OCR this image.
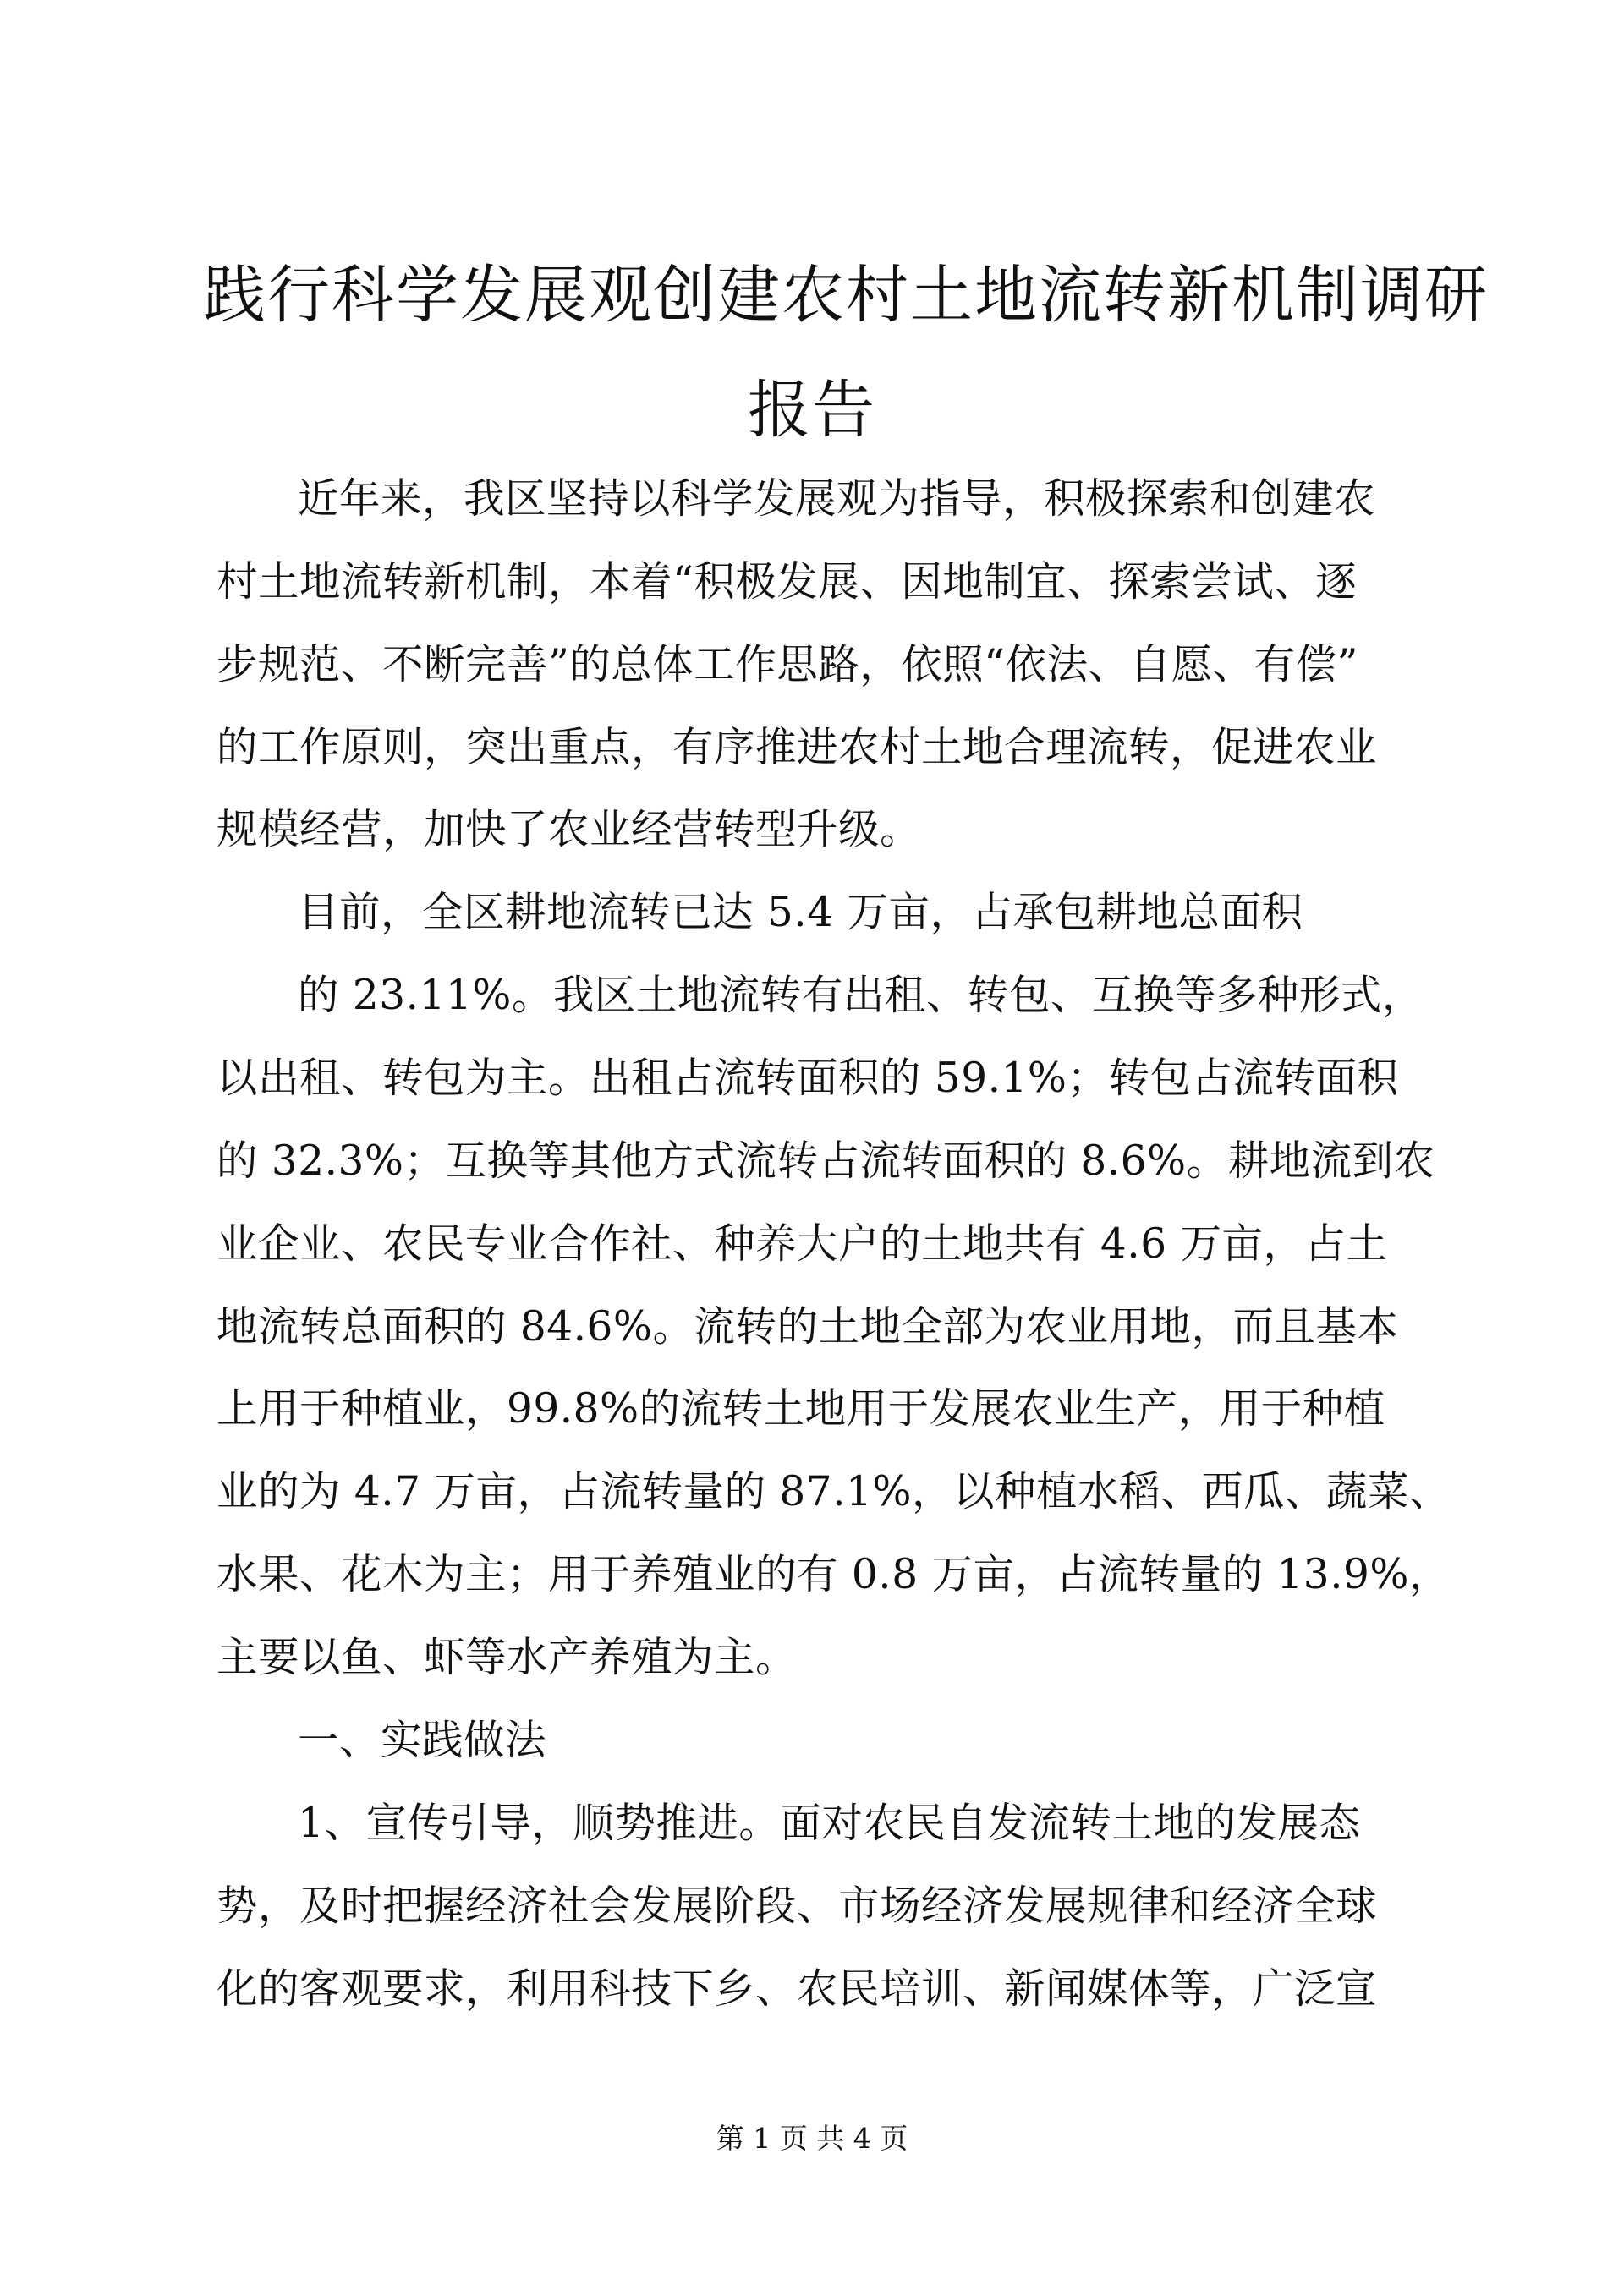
践行科学发展观创建农村土地流转新机制调研
报告
近年来，我区坚持以科学发展观为指导，积极探索和创建农
村土地流转新机制，本着“积极发展、因地制宜、探索尝试、逐
步规范、不断完善”的总体工作思路，依照“依法、自愿、有偿”
的工作原则，突出重点，有序推进农村土地合理流转，促进农业
规模经营，加快了农业经营转型升级。
目前，全区耕地流转已达 5.4 万亩，占承包耕地总面积
的 23.11%。我区土地流转有出租、转包、互换等多种形式，
以出租、转包为主。出租占流转面积的 59.1%；转包占流转面积
的 32.3%；互换等其他方式流转占流转面积的 8.6%。耕地流到农
业企业、农民专业合作社、种养大户的土地共有 4.6 万亩，占土
地流转总面积的 84.6%。流转的土地全部为农业用地，而且基本
上用于种植业，99.8%的流转土地用于发展农业生产，用于种植
业的为 4.7 万亩，占流转量的 87.1%，以种植水稻、西瓜、蔬菜、
水果、花木为主；用于养殖业的有 0.8 万亩，占流转量的 13.9%，
主要以鱼、虾等水产养殖为主。
一、实践做法
1、宣传引导，顺势推进。面对农民自发流转土地的发展态
势，及时把握经济社会发展阶段、市场经济发展规律和经济全球
化的客观要求，利用科技下乡、农民培训、新闻媒体等，广泛宣
第 1 页 共 4 页
